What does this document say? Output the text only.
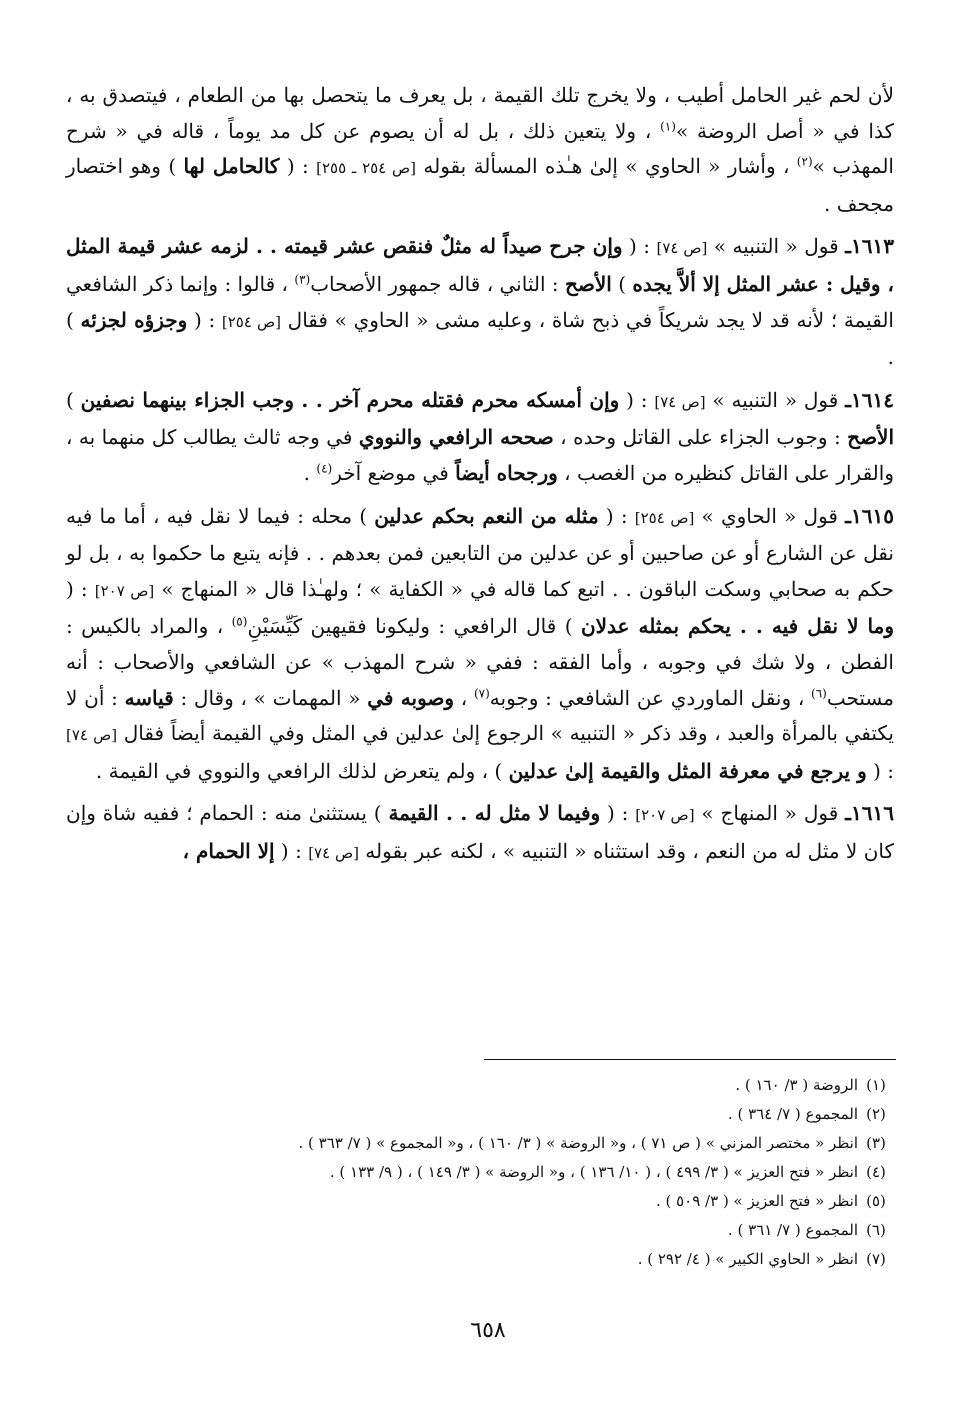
لأن لحم غير الحامل أطيب ، ولا يخرج تلك القيمة ، بل يعرف ما يتحصل بها من الطعام ، فيتصدق به ، كذا في « أصل الروضة »$^{(١)}$ ، ولا يتعين ذلك ، بل له أن يصوم عن كل مد يوماً ، قاله في « شرح المهذب »$^{(٢)}$ ، وأشار « الحاوي » إلىٰ هـٰذه المسألة بقوله [ص ٢٥٤ ـ ٢٥٥] : ( كالحامل لها ) وهو اختصار مجحف .

١٦١٣ـ قول « التنبيه » [ص ٧٤] : ( وإن جرح صيداً له مثلٌ فنقص عشر قيمته . . لزمه عشر قيمة المثل ، وقيل : عشر المثل إلا ألاَّ يجده ) الأصح : الثاني ، قاله جمهور الأصحاب$^{(٣)}$ ، قالوا : وإنما ذكر الشافعي القيمة ؛ لأنه قد لا يجد شريكاً في ذبح شاة ، وعليه مشى « الحاوي » فقال [ص ٢٥٤] : ( وجزؤه لجزئه ) .

١٦١٤ـ قول « التنبيه » [ص ٧٤] : ( وإن أمسكه محرم فقتله محرم آخر . . وجب الجزاء بينهما نصفين ) الأصح : وجوب الجزاء على القاتل وحده ، صححه الرافعي والنووي في وجه ثالث يطالب كل منهما به ، والقرار على القاتل كنظيره من الغصب ، ورجحاه أيضاً في موضع آخر$^{(٤)}$ .

١٦١٥ـ قول « الحاوي » [ص ٢٥٤] : ( مثله من النعم بحكم عدلين ) محله : فيما لا نقل فيه ، أما ما فيه نقل عن الشارع أو عن صاحبين أو عن عدلين من التابعين فمن بعدهم . . فإنه يتبع ما حكموا به ، بل لو حكم به صحابي وسكت الباقون . . اتبع كما قاله في « الكفاية » ؛ ولهـٰذا قال « المنهاج » [ص ٢٠٧] : ( وما لا نقل فيه . . يحكم بمثله عدلان ) قال الرافعي : وليكونا فقيهين كَيِّسَيْنِ$^{(٥)}$ ، والمراد بالكيس : الفطن ، ولا شك في وجوبه ، وأما الفقه : ففي « شرح المهذب » عن الشافعي والأصحاب : أنه مستحب$^{(٦)}$ ، ونقل الماوردي عن الشافعي : وجوبه$^{(٧)}$ ، وصوبه في « المهمات » ، وقال : قياسه : أن لا يكتفي بالمرأة والعبد ، وقد ذكر « التنبيه » الرجوع إلىٰ عدلين في المثل وفي القيمة أيضاً فقال [ص ٧٤] : ( و يرجع في معرفة المثل والقيمة إلىٰ عدلين ) ، ولم يتعرض لذلك الرافعي والنووي في القيمة .

١٦١٦ـ قول « المنهاج » [ص ٢٠٧] : ( وفيما لا مثل له . . القيمة ) يستثنىٰ منه : الحمام ؛ ففيه شاة وإن كان لا مثل له من النعم ، وقد استثناه « التنبيه » ، لكنه عبر بقوله [ص ٧٤] : ( إلا الحمام ،

(١)
الروضة ( ٣/ ١٦٠ ) .
(٢)
المجموع ( ٧/ ٣٦٤ ) .
(٣)
انظر « مختصر المزني » ( ص ٧١ ) ، و« الروضة » ( ٣/ ١٦٠ ) ، و« المجموع » ( ٧/ ٣٦٣ ) .
(٤)
انظر « فتح العزيز » ( ٣/ ٤٩٩ ) ، ( ١٠/ ١٣٦ ) ، و« الروضة » ( ٣/ ١٤٩ ) ، ( ٩/ ١٣٣ ) .
(٥)
انظر « فتح العزيز » ( ٣/ ٥٠٩ ) .
(٦)
المجموع ( ٧/ ٣٦١ ) .
(٧)
انظر « الحاوي الكبير » ( ٤/ ٢٩٢ ) .
٦٥٨
